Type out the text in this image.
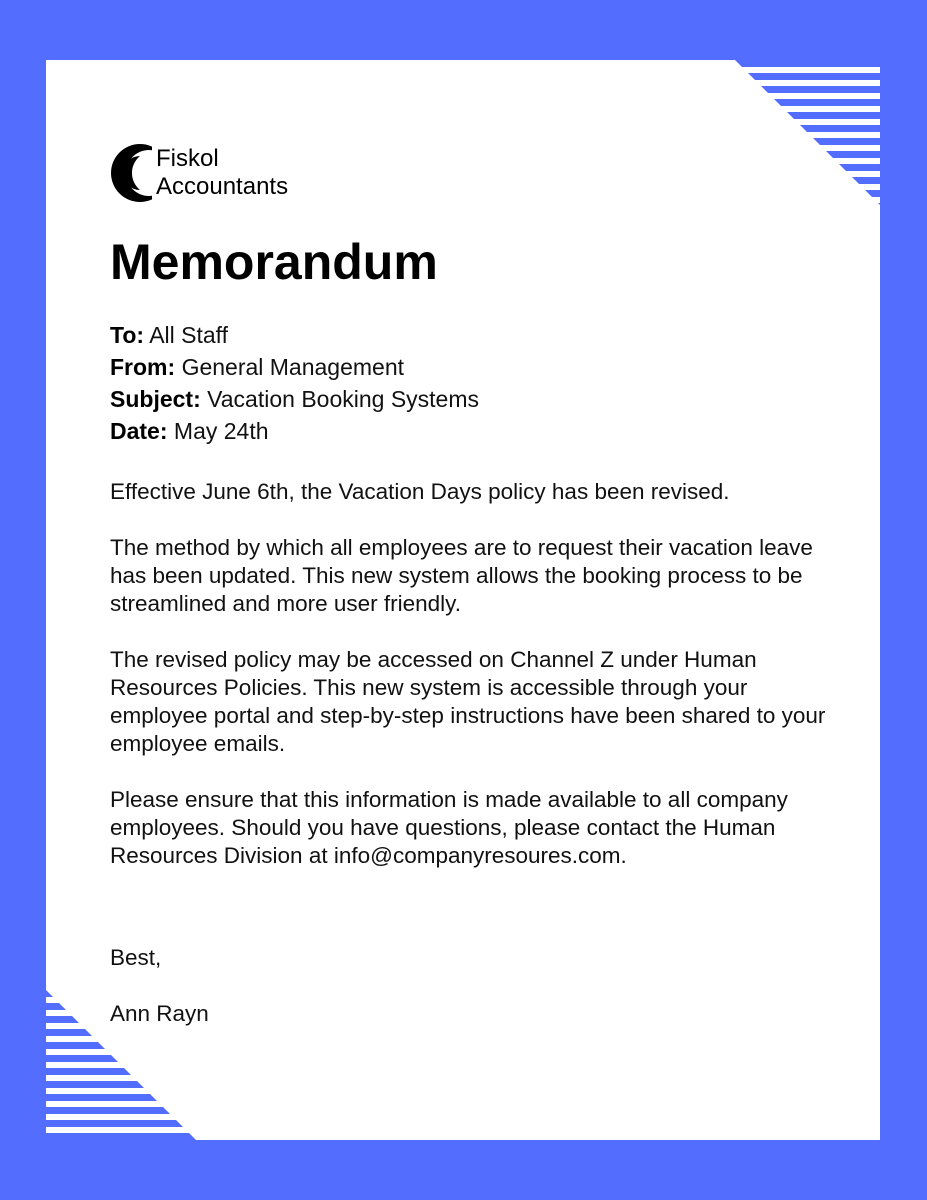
Fiskol
Accountants
Memorandum
To: All Staff
From: General Management
Subject: Vacation Booking Systems
Date: May 24th

Effective June 6th, the Vacation Days policy has been revised.

The method by which all employees are to request their vacation leave has been updated. This new system allows the booking process to be streamlined and more user friendly.

The revised policy may be accessed on Channel Z under Human Resources Policies. This new system is accessible through your employee portal and step-by-step instructions have been shared to your employee emails.

Please ensure that this information is made available to all company employees. Should you have questions, please contact the Human Resources Division at info@companyresoures.com.

Best,
Ann Rayn
